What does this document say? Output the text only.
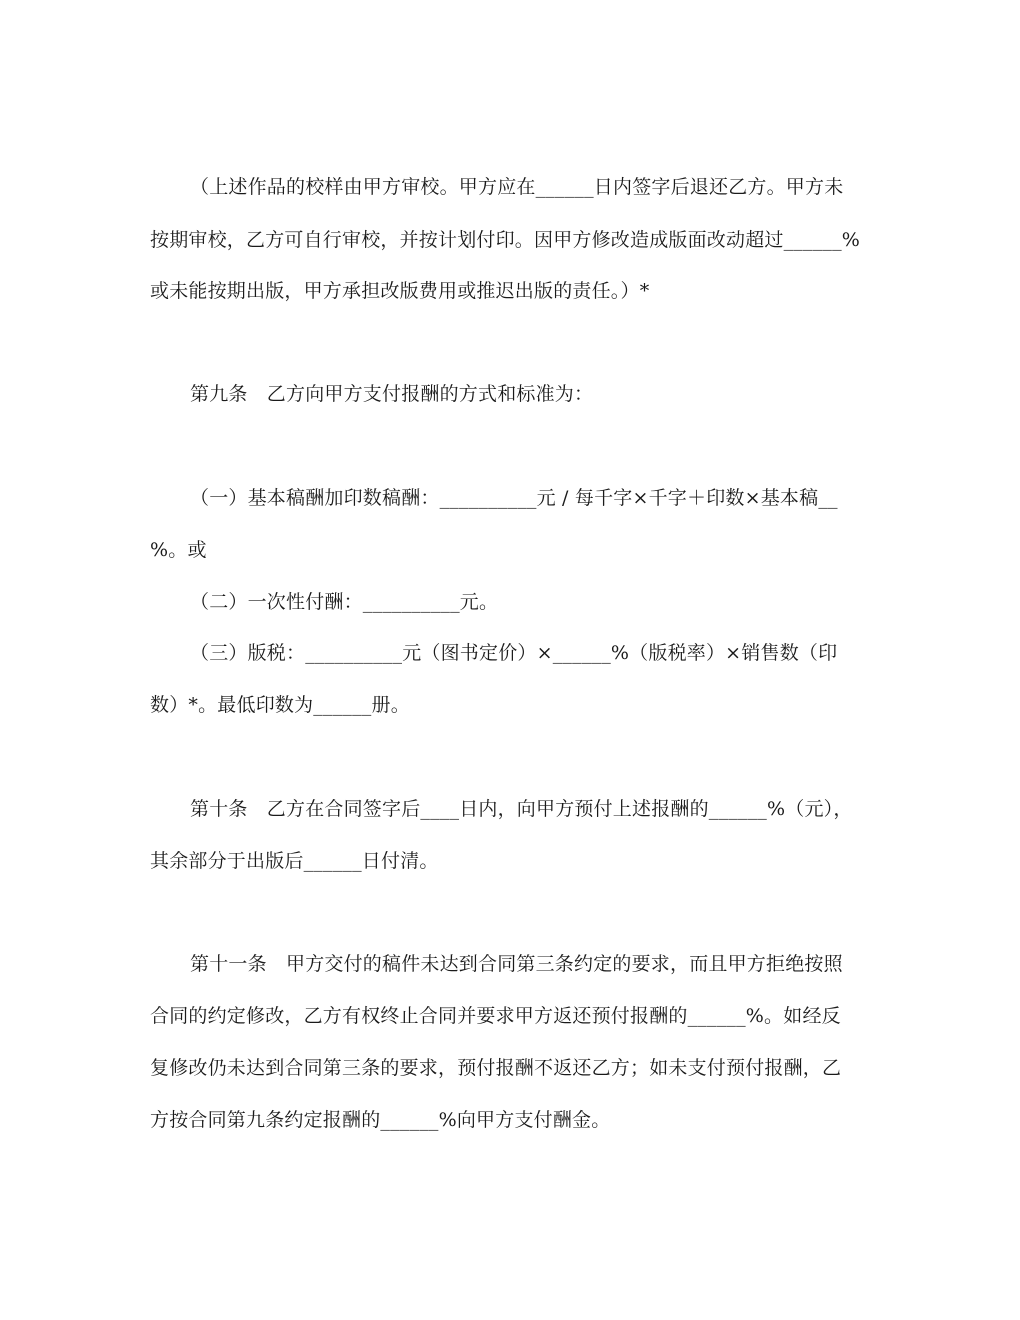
（上述作品的校样由甲方审校。甲方应在______日内签字后退还乙方。甲方未
按期审校，乙方可自行审校，并按计划付印。因甲方修改造成版面改动超过______%
或未能按期出版，甲方承担改版费用或推迟出版的责任。）*
第九条　乙方向甲方支付报酬的方式和标准为：
（一）基本稿酬加印数稿酬：__________元 / 每千字×千字＋印数×基本稿__
%。或
（二）一次性付酬：__________元。
（三）版税：__________元（图书定价）×______%（版税率）×销售数（印
数）*。最低印数为______册。
第十条　乙方在合同签字后____日内，向甲方预付上述报酬的______%（元），
其余部分于出版后______日付清。
第十一条　甲方交付的稿件未达到合同第三条约定的要求，而且甲方拒绝按照
合同的约定修改，乙方有权终止合同并要求甲方返还预付报酬的______%。如经反
复修改仍未达到合同第三条的要求，预付报酬不返还乙方；如未支付预付报酬，乙
方按合同第九条约定报酬的______%向甲方支付酬金。
